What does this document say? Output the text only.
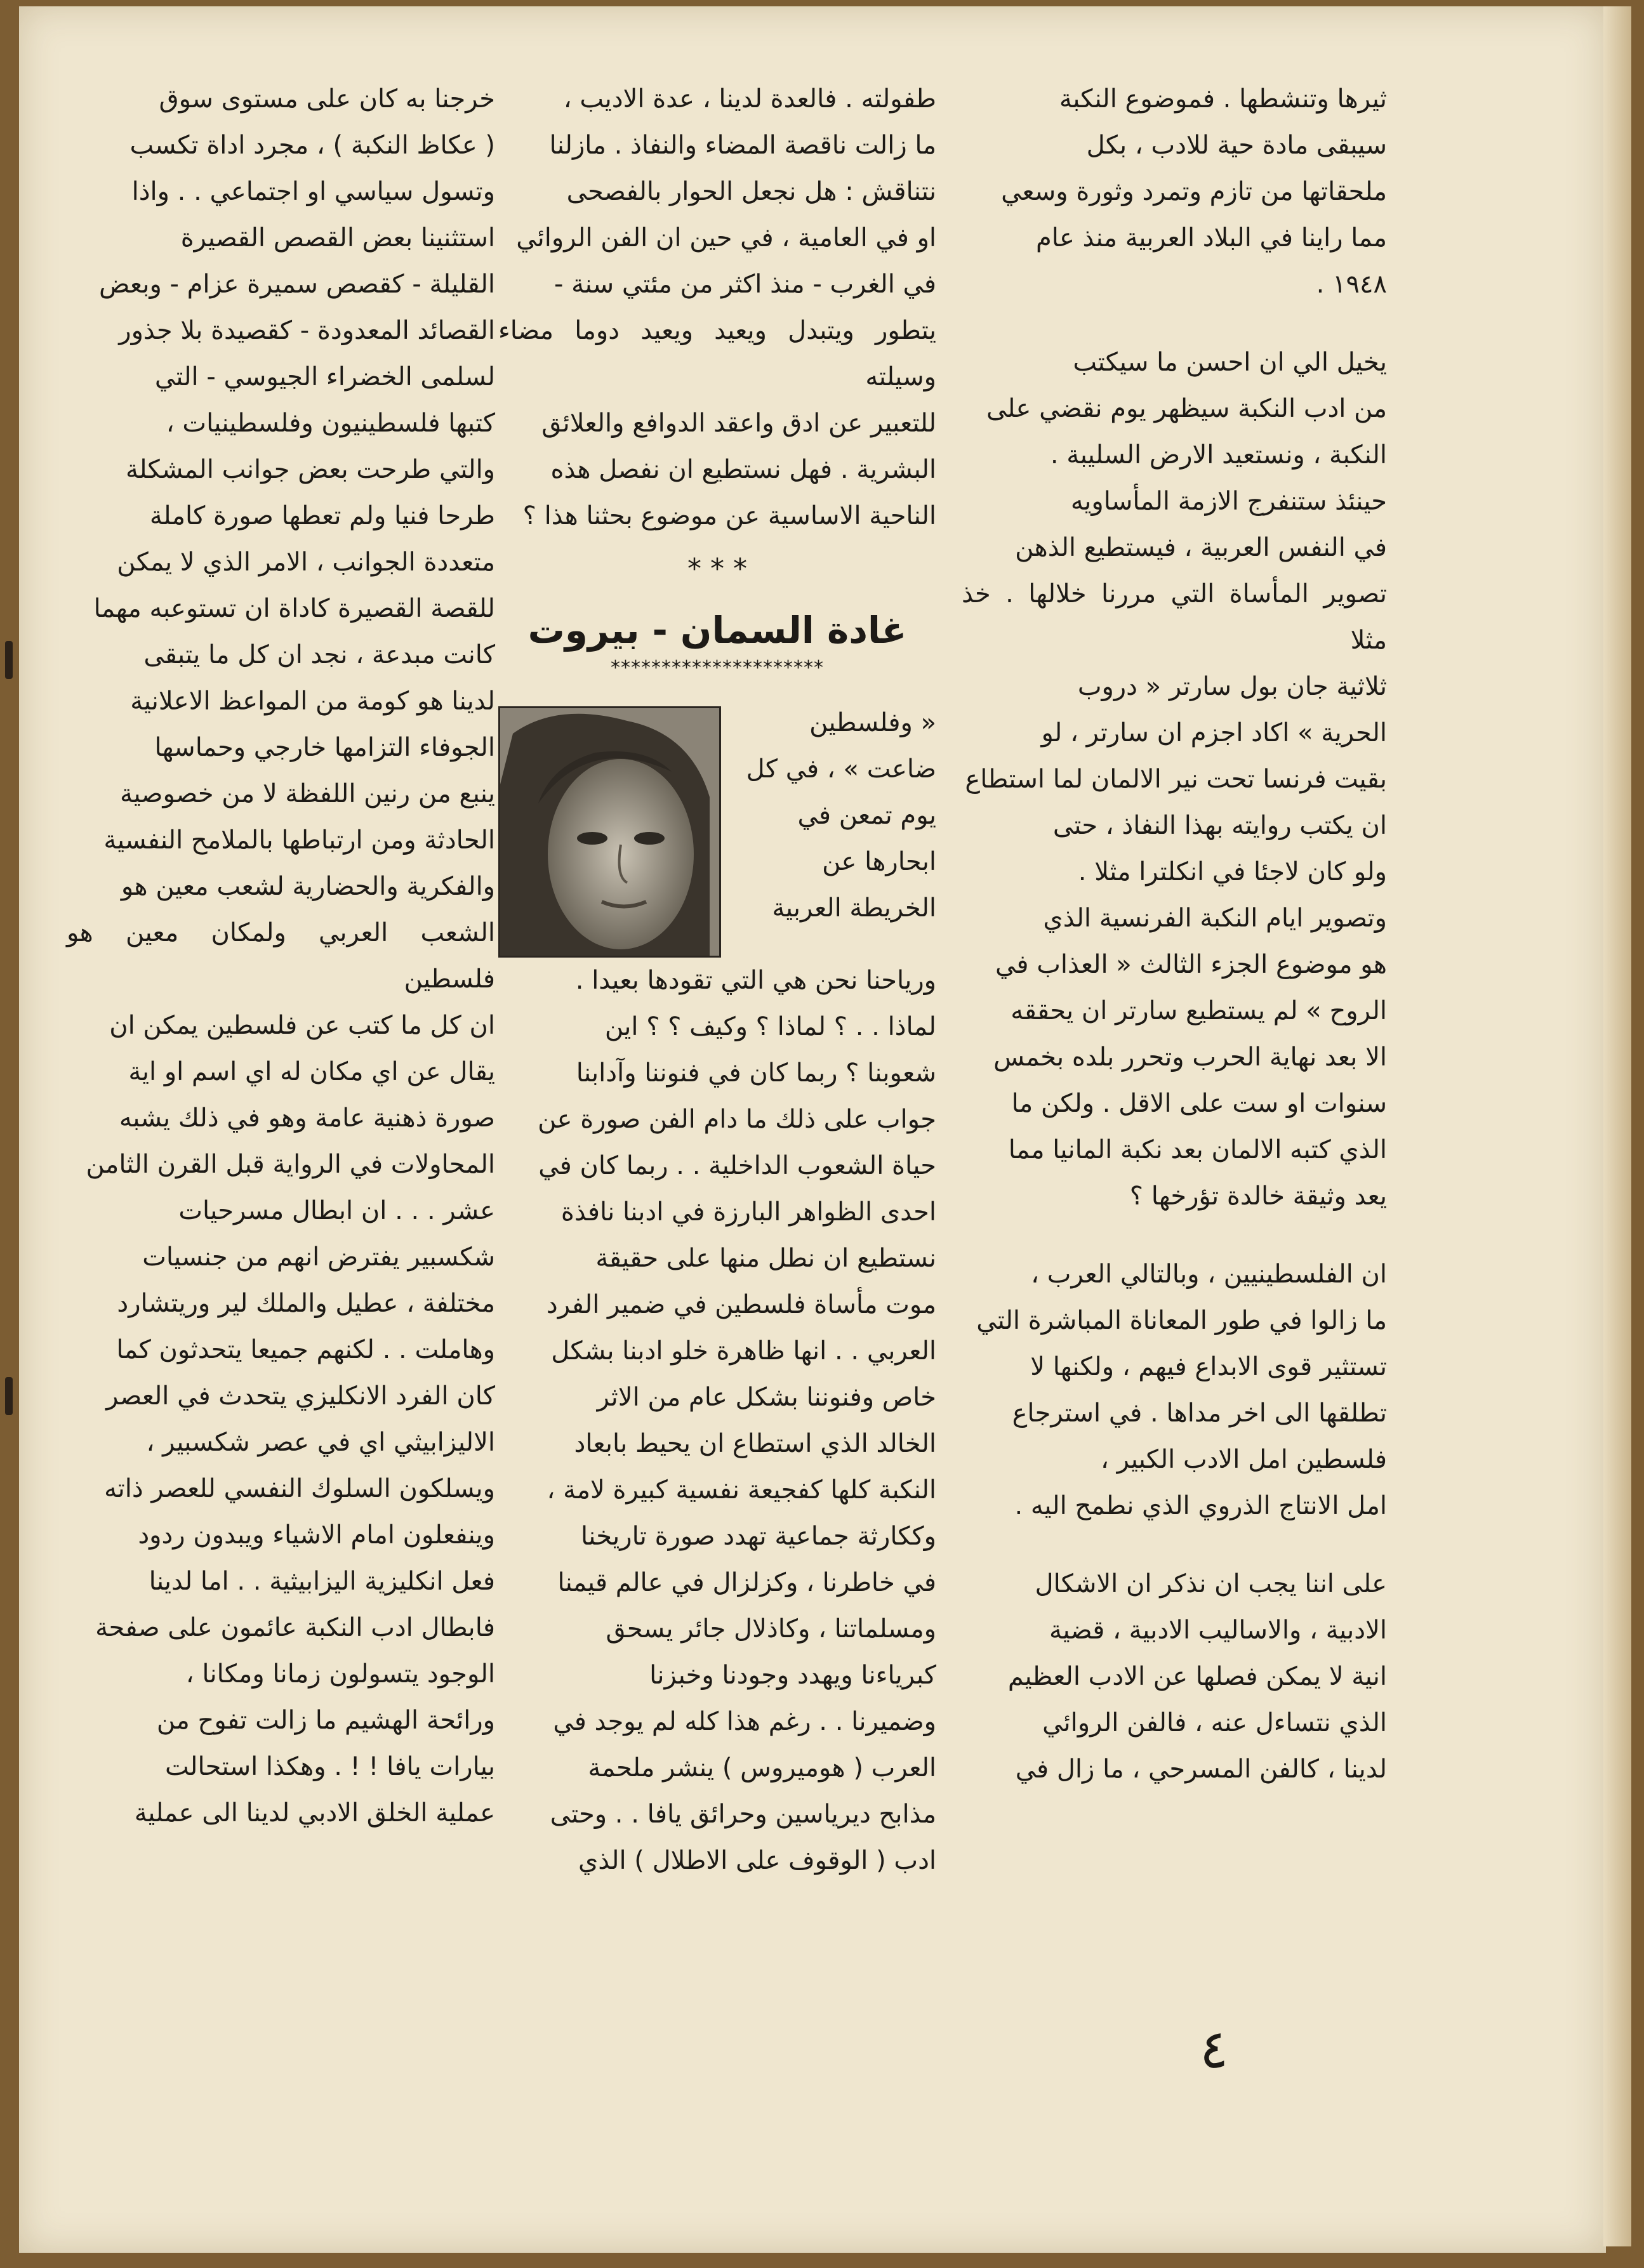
ثيرها وتنشطها . فموضوع النكبة
سيبقى مادة حية للادب ، بكل
ملحقاتها من تازم وتمرد وثورة وسعي
مما راينا في البلاد العربية منذ عام
١٩٤٨ .

يخيل الي ان احسن ما سيكتب
من ادب النكبة سيظهر يوم نقضي على
النكبة ، ونستعيد الارض السليبة .
حينئذ ستنفرج الازمة المأساويه
في النفس العربية ، فيستطيع الذهن
تصوير المأساة التي مررنا خلالها . خذ مثلا
ثلاثية جان بول سارتر « دروب
الحرية » اكاد اجزم ان سارتر ، لو
بقيت فرنسا تحت نير الالمان لما استطاع
ان يكتب روايته بهذا النفاذ ، حتى
ولو كان لاجئا في انكلترا مثلا .
وتصوير ايام النكبة الفرنسية الذي
هو موضوع الجزء الثالث « العذاب في
الروح » لم يستطيع سارتر ان يحققه
الا بعد نهاية الحرب وتحرر بلده بخمس
سنوات او ست على الاقل . ولكن ما
الذي كتبه الالمان بعد نكبة المانيا مما
يعد وثيقة خالدة تؤرخها ؟

ان الفلسطينيين ، وبالتالي العرب ،
ما زالوا في طور المعاناة المباشرة التي
تستثير قوى الابداع فيهم ، ولكنها لا
تطلقها الى اخر مداها . في استرجاع
فلسطين امل الادب الكبير ،
امل الانتاج الذروي الذي نطمح اليه .

على اننا يجب ان نذكر ان الاشكال
الادبية ، والاساليب الادبية ، قضية
انية لا يمكن فصلها عن الادب العظيم
الذي نتساءل عنه ، فالفن الروائي
لدينا ، كالفن المسرحي ، ما زال في

طفولته . فالعدة لدينا ، عدة الاديب ،
ما زالت ناقصة المضاء والنفاذ . مازلنا
نتناقش : هل نجعل الحوار بالفصحى
او في العامية ، في حين ان الفن الروائي
في الغرب - منذ اكثر من مئتي سنة -
يتطور ويتبدل ويعيد ويعيد دوما مضاء وسيلته
للتعبير عن ادق واعقد الدوافع والعلائق
البشرية . فهل نستطيع ان نفصل هذه
الناحية الاساسية عن موضوع بحثنا هذا ؟

* * *
غادة السمان - بيروت
*********************
« وفلسطين
ضاعت » ، في كل
يوم تمعن في
ابحارها عن
الخريطة العربية

ورياحنا نحن هي التي تقودها بعيدا .
لماذا . . ؟ لماذا ؟ وكيف ؟ ؟ اين
شعوبنا ؟ ربما كان في فنوننا وآدابنا
جواب على ذلك ما دام الفن صورة عن
حياة الشعوب الداخلية . . ربما كان في
احدى الظواهر البارزة في ادبنا نافذة
نستطيع ان نطل منها على حقيقة
موت مأساة فلسطين في ضمير الفرد
العربي . . انها ظاهرة خلو ادبنا بشكل
خاص وفنوننا بشكل عام من الاثر
الخالد الذي استطاع ان يحيط بابعاد
النكبة كلها كفجيعة نفسية كبيرة لامة ،
وككارثة جماعية تهدد صورة تاريخنا
في خاطرنا ، وكزلزال في عالم قيمنا
ومسلماتنا ، وكاذلال جائر يسحق
كبرياءنا ويهدد وجودنا وخبزنا
وضميرنا . . رغم هذا كله لم يوجد في
العرب ( هوميروس ) ينشر ملحمة
مذابح ديرياسين وحرائق يافا . . وحتى
ادب ( الوقوف على الاطلال ) الذي

خرجنا به كان على مستوى سوق
( عكاظ النكبة ) ، مجرد اداة تكسب
وتسول سياسي او اجتماعي . . واذا
استثنينا بعض القصص القصيرة
القليلة - كقصص سميرة عزام - وبعض
القصائد المعدودة - كقصيدة بلا جذور
لسلمى الخضراء الجيوسي - التي
كتبها فلسطينيون وفلسطينيات ،
والتي طرحت بعض جوانب المشكلة
طرحا فنيا ولم تعطها صورة كاملة
متعددة الجوانب ، الامر الذي لا يمكن
للقصة القصيرة كاداة ان تستوعبه مهما
كانت مبدعة ، نجد ان كل ما يتبقى
لدينا هو كومة من المواعظ الاعلانية
الجوفاء التزامها خارجي وحماسها
ينبع من رنين اللفظة لا من خصوصية
الحادثة ومن ارتباطها بالملامح النفسية
والفكرية والحضارية لشعب معين هو
الشعب العربي ولمكان معين هو فلسطين
ان كل ما كتب عن فلسطين يمكن ان
يقال عن اي مكان له اي اسم او اية
صورة ذهنية عامة وهو في ذلك يشبه
المحاولات في الرواية قبل القرن الثامن
عشر . . . ان ابطال مسرحيات
شكسبير يفترض انهم من جنسيات
مختلفة ، عطيل والملك لير وريتشارد
وهاملت . . لكنهم جميعا يتحدثون كما
كان الفرد الانكليزي يتحدث في العصر
الاليزابيثي اي في عصر شكسبير ،
ويسلكون السلوك النفسي للعصر ذاته
وينفعلون امام الاشياء ويبدون ردود
فعل انكليزية اليزابيثية . . اما لدينا
فابطال ادب النكبة عائمون على صفحة
الوجود يتسولون زمانا ومكانا ،
ورائحة الهشيم ما زالت تفوح من
بيارات يافا ! ! . وهكذا استحالت
عملية الخلق الادبي لدينا الى عملية

٤
